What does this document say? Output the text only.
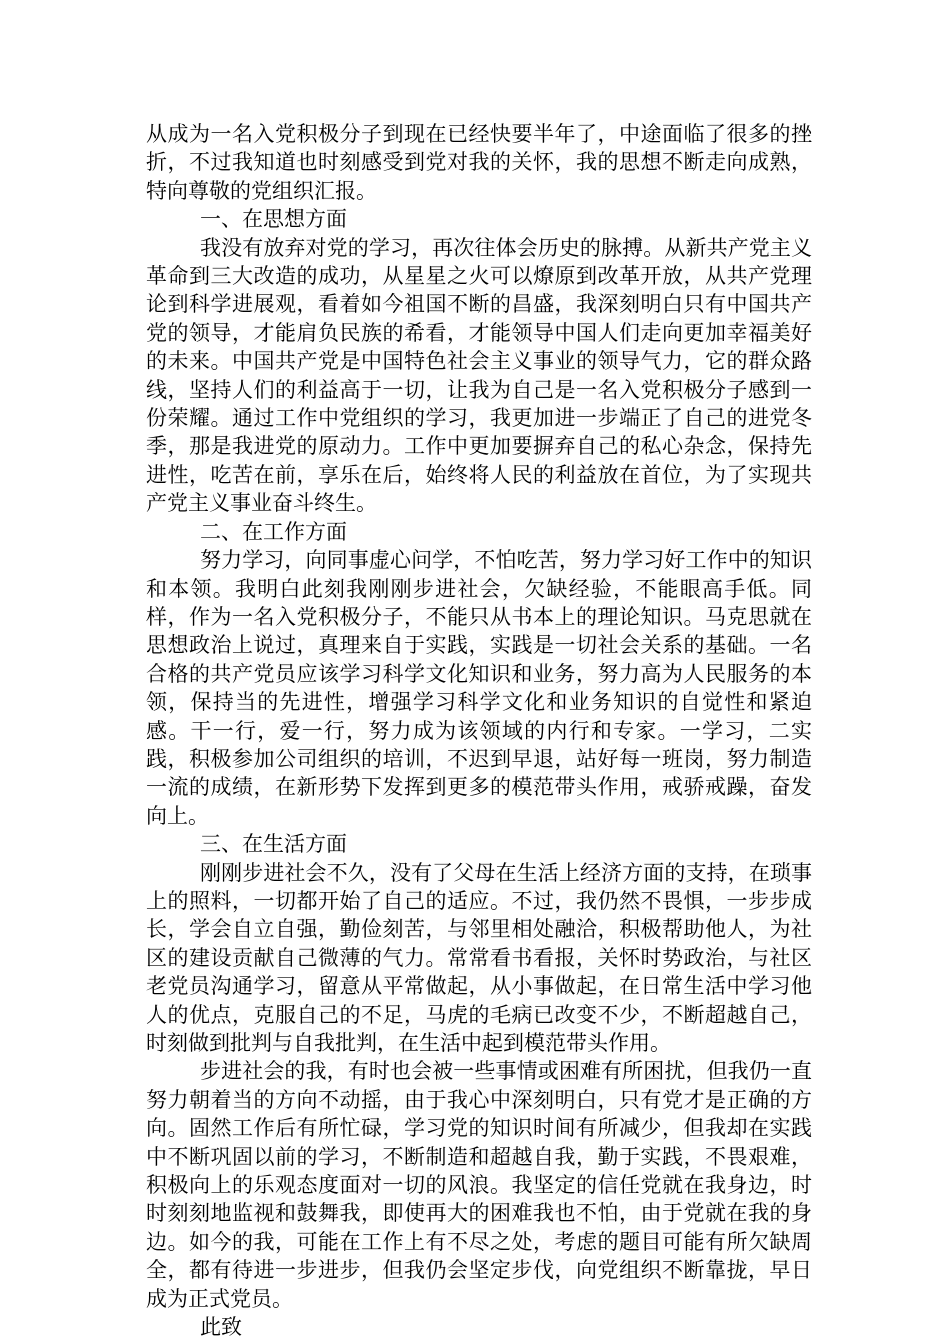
从成为一名入党积极分子到现在已经快要半年了，中途面临了很多的挫折，不过我知道也时刻感受到党对我的关怀，我的思想不断走向成熟，特向尊敬的党组织汇报。

一、在思想方面

我没有放弃对党的学习，再次往体会历史的脉搏。从新共产党主义革命到三大改造的成功，从星星之火可以燎原到改革开放，从共产党理论到科学进展观，看着如今祖国不断的昌盛，我深刻明白只有中国共产党的领导，才能肩负民族的希看，才能领导中国人们走向更加幸福美好的未来。中国共产党是中国特色社会主义事业的领导气力，它的群众路线，坚持人们的利益高于一切，让我为自己是一名入党积极分子感到一份荣耀。通过工作中党组织的学习，我更加进一步端正了自己的进党冬季，那是我进党的原动力。工作中更加要摒弃自己的私心杂念，保持先进性，吃苦在前，享乐在后，始终将人民的利益放在首位，为了实现共产党主义事业奋斗终生。

二、在工作方面

努力学习，向同事虚心问学，不怕吃苦，努力学习好工作中的知识和本领。我明白此刻我刚刚步进社会，欠缺经验，不能眼高手低。同样，作为一名入党积极分子，不能只从书本上的理论知识。马克思就在思想政治上说过，真理来自于实践，实践是一切社会关系的基础。一名合格的共产党员应该学习科学文化知识和业务，努力高为人民服务的本领，保持当的先进性，增强学习科学文化和业务知识的自觉性和紧迫感。干一行，爱一行，努力成为该领域的内行和专家。一学习，二实践，积极参加公司组织的培训，不迟到早退，站好每一班岗，努力制造一流的成绩，在新形势下发挥到更多的模范带头作用，戒骄戒躁，奋发向上。

三、在生活方面

刚刚步进社会不久，没有了父母在生活上经济方面的支持，在琐事上的照料，一切都开始了自己的适应。不过，我仍然不畏惧，一步步成长，学会自立自强，勤俭刻苦，与邻里相处融洽，积极帮助他人，为社区的建设贡献自己微薄的气力。常常看书看报，关怀时势政治，与社区老党员沟通学习，留意从平常做起，从小事做起，在日常生活中学习他人的优点，克服自己的不足，马虎的毛病已改变不少，不断超越自己，时刻做到批判与自我批判，在生活中起到模范带头作用。

步进社会的我，有时也会被一些事情或困难有所困扰，但我仍一直努力朝着当的方向不动摇，由于我心中深刻明白，只有党才是正确的方向。固然工作后有所忙碌，学习党的知识时间有所减少，但我却在实践中不断巩固以前的学习，不断制造和超越自我，勤于实践，不畏艰难，积极向上的乐观态度面对一切的风浪。我坚定的信任党就在我身边，时时刻刻地监视和鼓舞我，即使再大的困难我也不怕，由于党就在我的身边。如今的我，可能在工作上有不尽之处，考虑的题目可能有所欠缺周全，都有待进一步进步，但我仍会坚定步伐，向党组织不断靠拢，早日成为正式党员。

此致
